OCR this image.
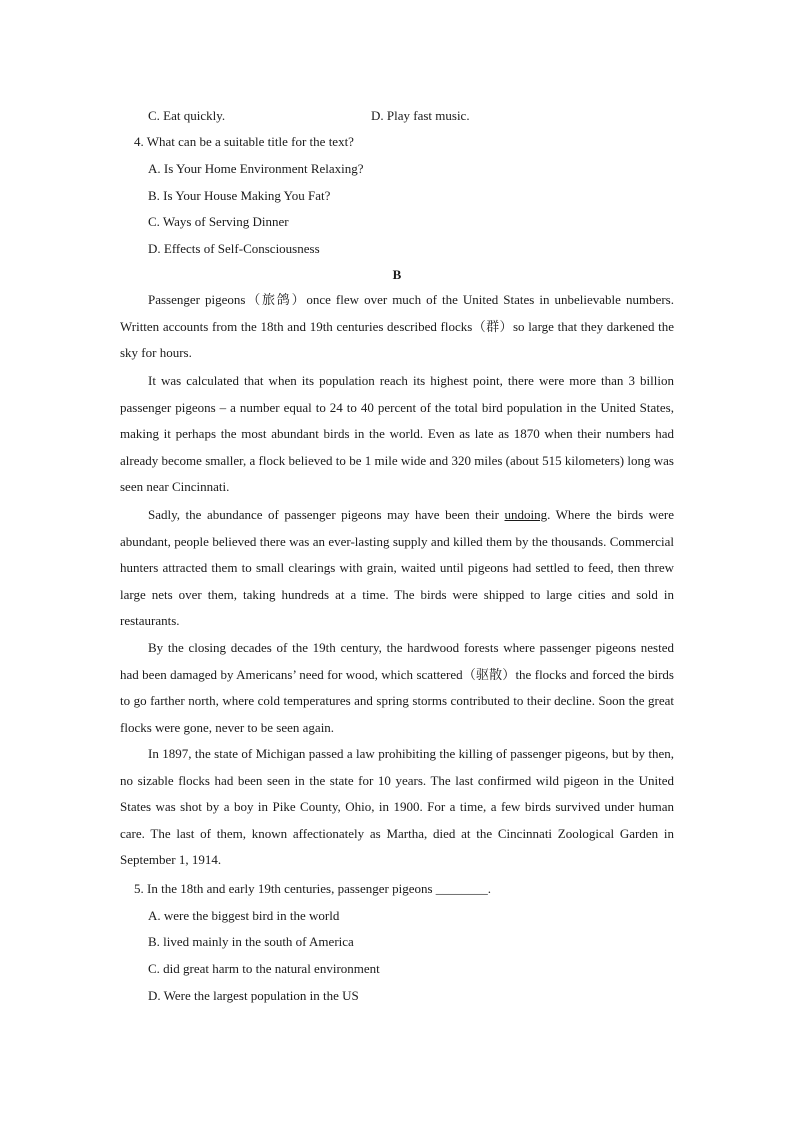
C. Eat quickly.	D. Play fast music.
4. What can be a suitable title for the text?
A. Is Your Home Environment Relaxing?
B. Is Your House Making You Fat?
C. Ways of Serving Dinner
D. Effects of Self-Consciousness
B
Passenger pigeons（旅鸽）once flew over much of the United States in unbelievable numbers. Written accounts from the 18th and 19th centuries described flocks（群）so large that they darkened the sky for hours.
It was calculated that when its population reach its highest point, there were more than 3 billion passenger pigeons – a number equal to 24 to 40 percent of the total bird population in the United States, making it perhaps the most abundant birds in the world. Even as late as 1870 when their numbers had already become smaller, a flock believed to be 1 mile wide and 320 miles (about 515 kilometers) long was seen near Cincinnati.
Sadly, the abundance of passenger pigeons may have been their undoing. Where the birds were abundant, people believed there was an ever-lasting supply and killed them by the thousands. Commercial hunters attracted them to small clearings with grain, waited until pigeons had settled to feed, then threw large nets over them, taking hundreds at a time. The birds were shipped to large cities and sold in restaurants.
By the closing decades of the 19th century, the hardwood forests where passenger pigeons nested had been damaged by Americans’ need for wood, which scattered（驱散）the flocks and forced the birds to go farther north, where cold temperatures and spring storms contributed to their decline. Soon the great flocks were gone, never to be seen again.
In 1897, the state of Michigan passed a law prohibiting the killing of passenger pigeons, but by then, no sizable flocks had been seen in the state for 10 years. The last confirmed wild pigeon in the United States was shot by a boy in Pike County, Ohio, in 1900. For a time, a few birds survived under human care. The last of them, known affectionately as Martha, died at the Cincinnati Zoological Garden in September 1, 1914.
5. In the 18th and early 19th centuries, passenger pigeons ________.
A. were the biggest bird in the world
B. lived mainly in the south of America
C. did great harm to the natural environment
D. Were the largest population in the US
